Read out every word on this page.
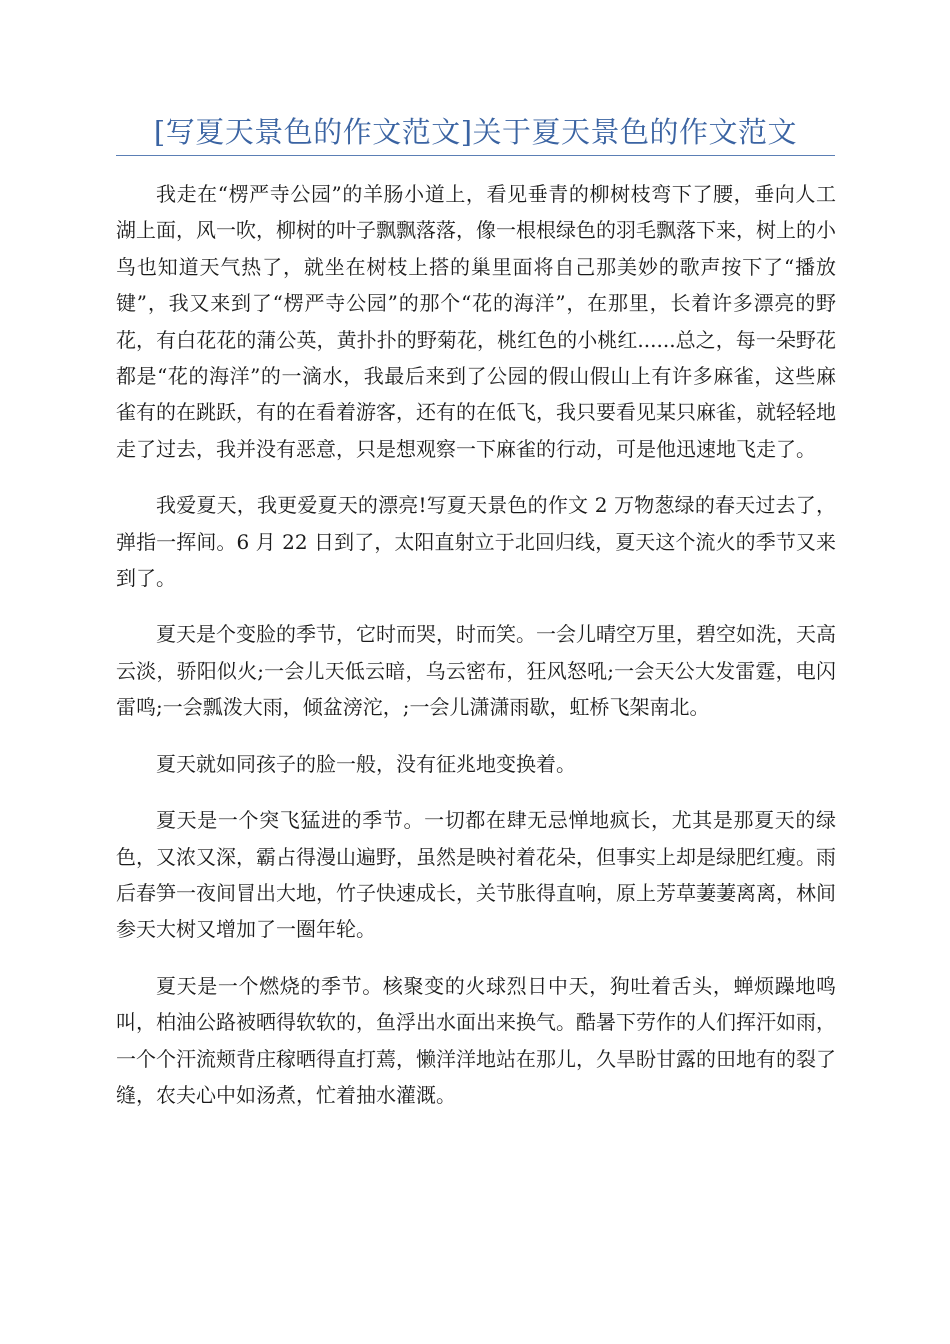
[写夏天景色的作文范文]关于夏天景色的作文范文

我走在“楞严寺公园”的羊肠小道上，看见垂青的柳树枝弯下了腰，垂向人工湖上面，风一吹，柳树的叶子飘飘落落，像一根根绿色的羽毛飘落下来，树上的小鸟也知道天气热了，就坐在树枝上搭的巢里面将自己那美妙的歌声按下了“播放键”，我又来到了“楞严寺公园”的那个“花的海洋”，在那里，长着许多漂亮的野花，有白花花的蒲公英，黄扑扑的野菊花，桃红色的小桃红......总之，每一朵野花都是“花的海洋”的一滴水，我最后来到了公园的假山假山上有许多麻雀，这些麻雀有的在跳跃，有的在看着游客，还有的在低飞，我只要看见某只麻雀，就轻轻地走了过去，我并没有恶意，只是想观察一下麻雀的行动，可是他迅速地飞走了。

我爱夏天，我更爱夏天的漂亮!写夏天景色的作文 2 万物葱绿的春天过去了，弹指一挥间。6 月 22 日到了，太阳直射立于北回归线，夏天这个流火的季节又来到了。

夏天是个变脸的季节，它时而哭，时而笑。一会儿晴空万里，碧空如洗，天高云淡，骄阳似火;一会儿天低云暗，乌云密布，狂风怒吼;一会天公大发雷霆，电闪雷鸣;一会瓢泼大雨，倾盆滂沱，;一会儿潇潇雨歇，虹桥飞架南北。

夏天就如同孩子的脸一般，没有征兆地变换着。

夏天是一个突飞猛进的季节。一切都在肆无忌惮地疯长，尤其是那夏天的绿色，又浓又深，霸占得漫山遍野，虽然是映衬着花朵，但事实上却是绿肥红瘦。雨后春笋一夜间冒出大地，竹子快速成长，关节胀得直响，原上芳草萋萋离离，林间参天大树又增加了一圈年轮。

夏天是一个燃烧的季节。核聚变的火球烈日中天，狗吐着舌头，蝉烦躁地鸣叫，柏油公路被晒得软软的，鱼浮出水面出来换气。酷暑下劳作的人们挥汗如雨，一个个汗流颊背庄稼晒得直打蔫，懒洋洋地站在那儿，久旱盼甘露的田地有的裂了缝，农夫心中如汤煮，忙着抽水灌溉。
